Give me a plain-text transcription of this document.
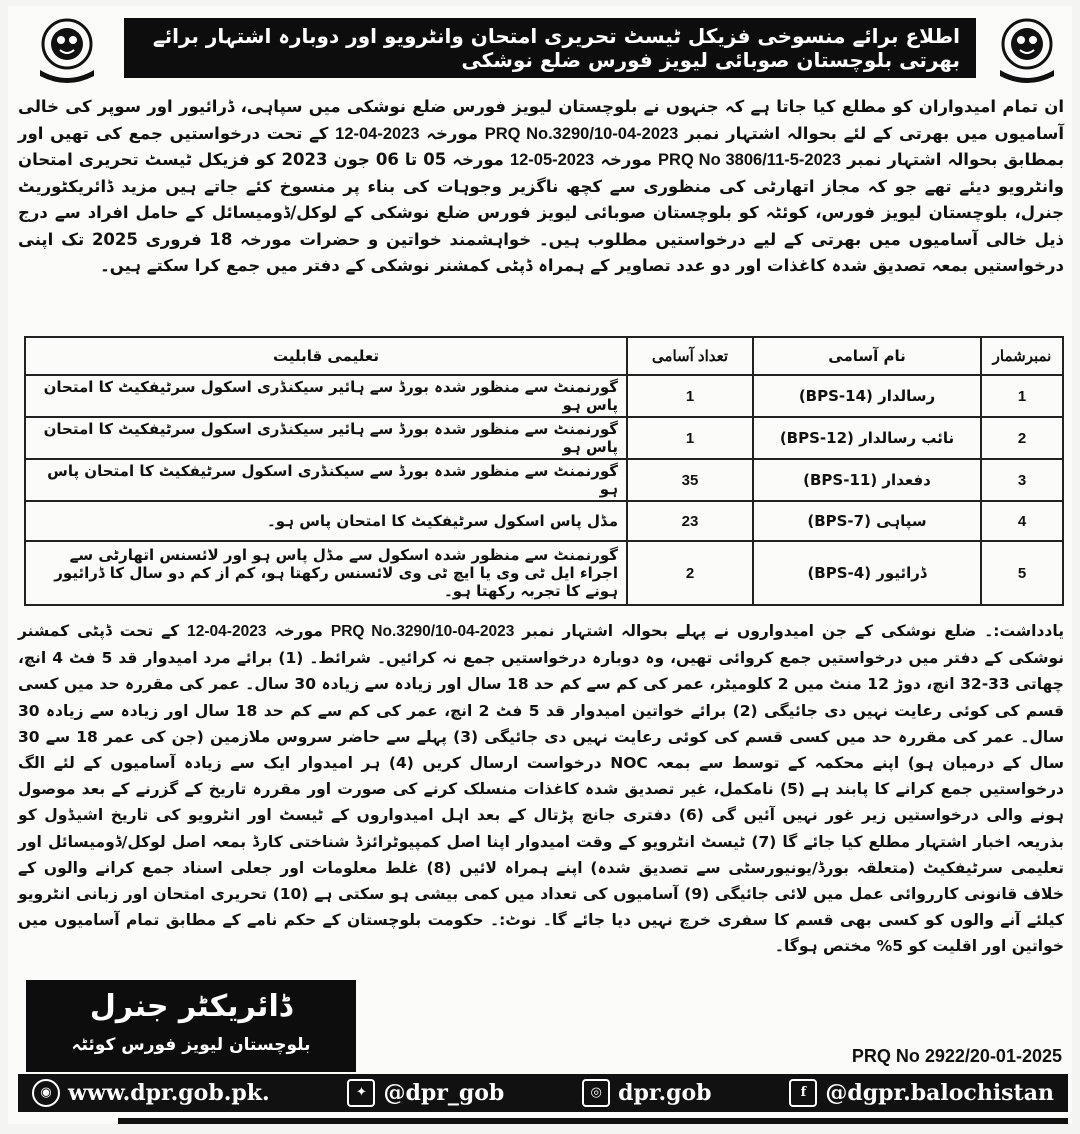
اطلاع برائے منسوخی فزیکل ٹیسٹ تحریری امتحان وانٹرویو اور دوبارہ اشتہار برائے بھرتی بلوچستان صوبائی لیویز فورس ضلع نوشکی
ان تمام امیدواران کو مطلع کیا جاتا ہے کہ جنہوں نے بلوچستان لیویز فورس ضلع نوشکی میں سپاہی، ڈرائیور اور سوپر کی خالی آسامیوں میں بھرتی کے لئے بحوالہ اشتہار نمبر PRQ No.3290/10-04-2023 مورخہ 12-04-2023 کے تحت درخواستیں جمع کی تھیں اور بمطابق بحوالہ اشتہار نمبر PRQ No 3806/11-5-2023 مورخہ 12-05-2023 مورخہ 05 تا 06 جون 2023 کو فزیکل ٹیسٹ تحریری امتحان وانٹرویو دیئے تھے جو کہ مجاز اتھارٹی کی منظوری سے کچھ ناگزیر وجوہات کی بناء پر منسوخ کئے جاتے ہیں مزید ڈائریکٹوریٹ جنرل، بلوچستان لیویز فورس، کوئٹہ کو بلوچستان صوبائی لیویز فورس ضلع نوشکی کے لوکل/ڈومیسائل کے حامل افراد سے درج ذیل خالی آسامیوں میں بھرتی کے لیے درخواستیں مطلوب ہیں۔ خواہشمند خواتین و حضرات مورخہ 18 فروری 2025 تک اپنی درخواستیں بمعہ تصدیق شدہ کاغذات اور دو عدد تصاویر کے ہمراہ ڈپٹی کمشنر نوشکی کے دفتر میں جمع کرا سکتے ہیں۔
نمبرشمار	نام آسامی	تعداد آسامی	تعلیمی قابلیت
1	رسالدار (BPS-14)	1	گورنمنٹ سے منظور شدہ بورڈ سے ہائیر سیکنڈری اسکول سرٹیفکیٹ کا امتحان پاس ہو
2	نائب رسالدار (BPS-12)	1	گورنمنٹ سے منظور شدہ بورڈ سے ہائیر سیکنڈری اسکول سرٹیفکیٹ کا امتحان پاس ہو
3	دفعدار (BPS-11)	35	گورنمنٹ سے منظور شدہ بورڈ سے سیکنڈری اسکول سرٹیفکیٹ کا امتحان پاس ہو
4	سپاہی (BPS-7)	23	مڈل پاس اسکول سرٹیفکیٹ کا امتحان پاس ہو۔
5	ڈرائیور (BPS-4)	2	گورنمنٹ سے منظور شدہ اسکول سے مڈل پاس ہو اور لائسنس اتھارٹی سے اجراء ایل ٹی وی یا ایچ ٹی وی لائسنس رکھتا ہو، کم از کم دو سال کا ڈرائیور ہونے کا تجربہ رکھتا ہو۔
یادداشت:۔ ضلع نوشکی کے جن امیدواروں نے پہلے بحوالہ اشتہار نمبر PRQ No.3290/10-04-2023 مورخہ 12-04-2023 کے تحت ڈپٹی کمشنر نوشکی کے دفتر میں درخواستیں جمع کروائی تھیں، وہ دوبارہ درخواستیں جمع نہ کرائیں۔ شرائط۔ (1) برائے مرد امیدوار قد 5 فٹ 4 انچ، چھاتی 33-32 انچ، دوڑ 12 منٹ میں 2 کلومیٹر، عمر کی کم سے کم حد 18 سال اور زیادہ سے زیادہ 30 سال۔ عمر کی مقررہ حد میں کسی قسم کی کوئی رعایت نہیں دی جائیگی (2) برائے خواتین امیدوار قد 5 فٹ 2 انچ، عمر کی کم سے کم حد 18 سال اور زیادہ سے زیادہ 30 سال۔ عمر کی مقررہ حد میں کسی قسم کی کوئی رعایت نہیں دی جائیگی (3) پہلے سے حاضر سروس ملازمین (جن کی عمر 18 سے 30 سال کے درمیان ہو) اپنے محکمہ کے توسط سے بمعہ NOC درخواست ارسال کریں (4) ہر امیدوار ایک سے زیادہ آسامیوں کے لئے الگ درخواستیں جمع کرانے کا پابند ہے (5) نامکمل، غیر تصدیق شدہ کاغذات منسلک کرنے کی صورت اور مقررہ تاریخ کے گزرنے کے بعد موصول ہونے والی درخواستیں زیر غور نہیں آئیں گی (6) دفتری جانچ پڑتال کے بعد اہل امیدواروں کے ٹیسٹ اور انٹرویو کی تاریخ اشیڈول کو بذریعہ اخبار اشتہار مطلع کیا جائے گا (7) ٹیسٹ انٹرویو کے وقت امیدوار اپنا اصل کمپیوٹرائزڈ شناختی کارڈ بمعہ اصل لوکل/ڈومیسائل اور تعلیمی سرٹیفکیٹ (متعلقہ بورڈ/یونیورسٹی سے تصدیق شدہ) اپنے ہمراہ لائیں (8) غلط معلومات اور جعلی اسناد جمع کرانے والوں کے خلاف قانونی کارروائی عمل میں لائی جائیگی (9) آسامیوں کی تعداد میں کمی بیشی ہو سکتی ہے (10) تحریری امتحان اور زبانی انٹرویو کیلئے آنے والوں کو کسی بھی قسم کا سفری خرچ نہیں دیا جائے گا۔ نوٹ:۔ حکومت بلوچستان کے حکم نامے کے مطابق تمام آسامیوں میں خواتین اور اقلیت کو 5% مختص ہوگا۔
ڈائریکٹر جنرل
بلوچستان لیویز فورس کوئٹہ
PRQ No 2922/20-01-2025
◉ www.dpr.gob.pk.	✦ @dpr_gob	◎ dpr.gob	f @dgpr.balochistan
